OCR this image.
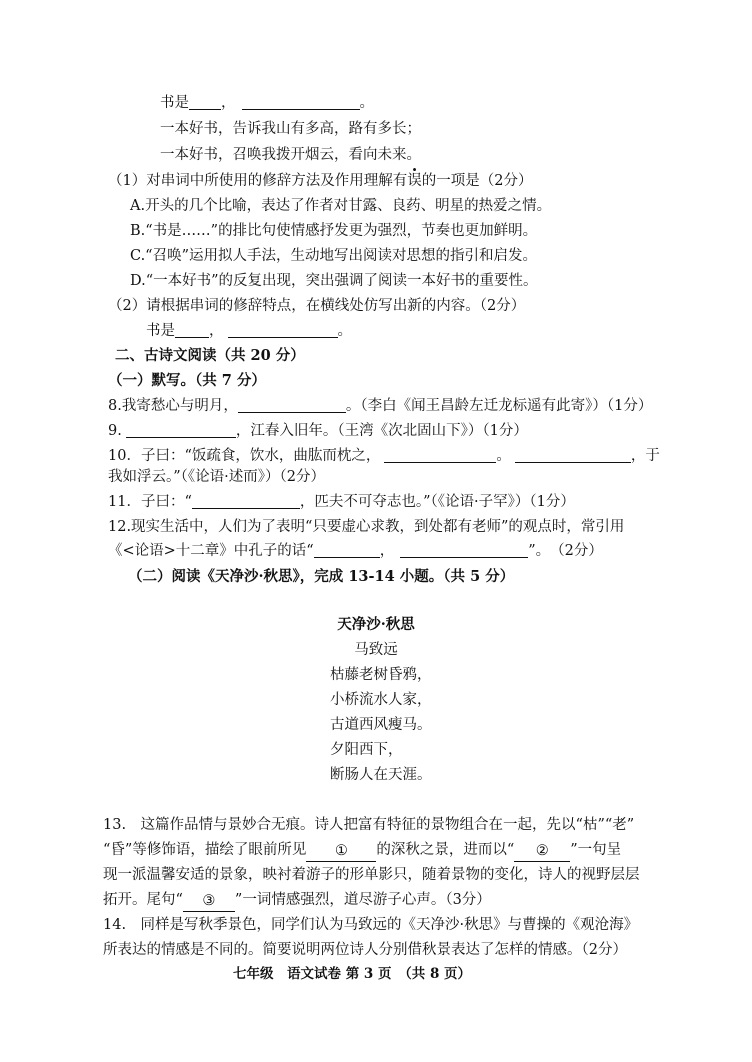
书是 ，	。
一本好书，告诉我山有多高，路有多长；
一本好书，召唤我拨开烟云，看向未来。
（1）对串词中所使用的修辞方法及作用理解有误的一项是（2分）
A.开头的几个比喻，表达了作者对甘露、良药、明星的热爱之情。
B.“书是……”的排比句使情感抒发更为强烈，节奏也更加鲜明。
C.“召唤”运用拟人手法，生动地写出阅读对思想的指引和启发。
D.“一本好书”的反复出现，突出强调了阅读一本好书的重要性。
（2）请根据串词的修辞特点，在横线处仿写出新的内容。（2分）
书是 ，	。
二、古诗文阅读（共 20 分）
（一）默写。（共 7 分）
8.我寄愁心与明月，	。（李白《闻王昌龄左迁龙标遥有此寄》）（1分）
9.	，江春入旧年。（王湾《次北固山下》）（1分）
10．子曰：“饭疏食，饮水，曲肱而枕之，	。	，于
我如浮云。”（《论语·述而》）（2分）
11．子曰：“	，匹夫不可夺志也。”（《论语·子罕》）（1分）
12.现实生活中，人们为了表明“只要虚心求教，到处都有老师”的观点时，常引用
《<论语>十二章》中孔子的话“	，	”。　（2分）
（二）阅读《天净沙·秋思》，完成 13-14 小题。（共 5 分）
天净沙·秋思
马致远
枯藤老树昏鸦，
小桥流水人家，
古道西风瘦马。
夕阳西下，
断肠人在天涯。
13.　这篇作品情与景妙合无痕。诗人把富有特征的景物组合在一起，先以“枯”“老”
“昏”等修饰语，描绘了眼前所见 ① 的深秋之景，进而以“ ② ”一句呈
现一派温馨安适的景象，映衬着游子的形单影只，随着景物的变化，诗人的视野层层
拓开。尾句“ ③ ”一词情感强烈，道尽游子心声。（3分）
14.　同样是写秋季景色，同学们认为马致远的《天净沙·秋思》与曹操的《观沧海》
所表达的情感是不同的。简要说明两位诗人分别借秋景表达了怎样的情感。（2分）
七年级　语文试卷 第 3 页　（共 8 页）
